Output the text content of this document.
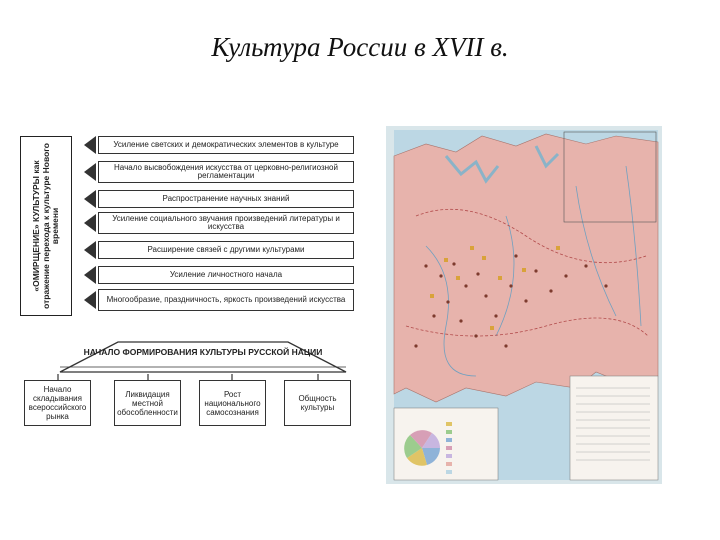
Культура России в XVII в.
«ОМИРЩЕНИЕ» КУЛЬТУРЫ как отражение перехода к культуре Нового времени
Усиление светских и демократических элементов в культуре
Начало высвобождения искусства от церковно-религиозной регламентации
Распространение научных знаний
Усиление социального звучания произведений литературы и искусства
Расширение связей с другими культурами
Усиление личностного начала
Многообразие, праздничность, яркость произведений искусства
НАЧАЛО ФОРМИРОВАНИЯ КУЛЬТУРЫ РУССКОЙ НАЦИИ
Начало складывания всероссийского рынка
Ликвидация местной обособленности
Рост национального самосознания
Общность культуры
